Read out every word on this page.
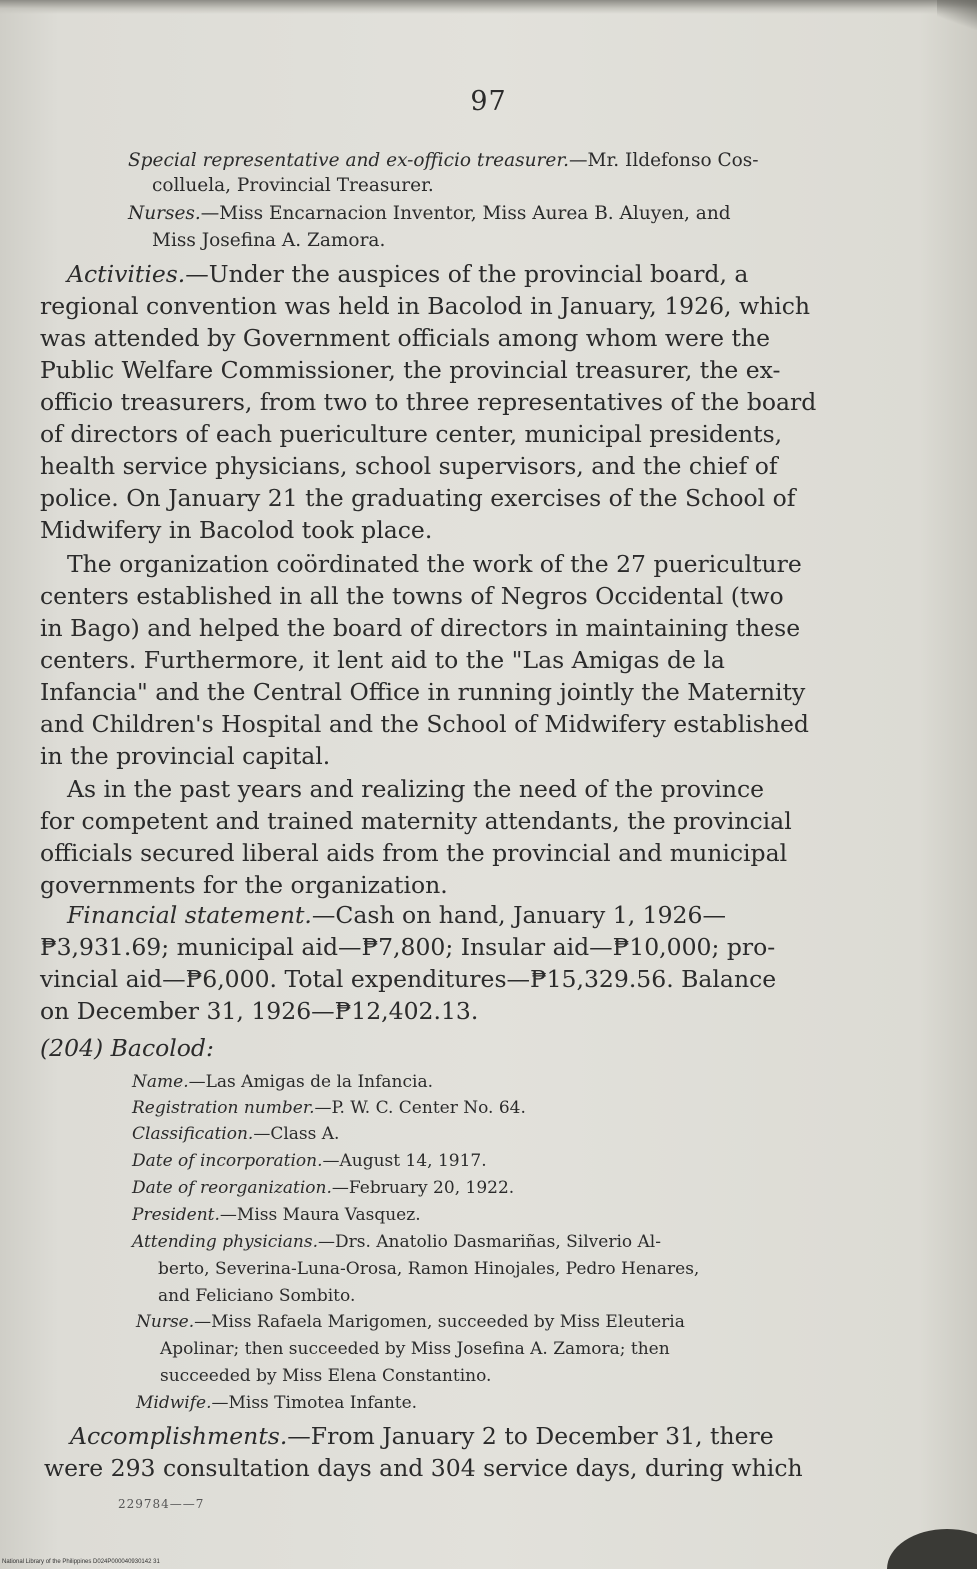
97
Special representative and ex-officio treasurer.—Mr. Ildefonso Cos-
colluela, Provincial Treasurer.
Nurses.—Miss Encarnacion Inventor, Miss Aurea B. Aluyen, and
Miss Josefina A. Zamora.
Activities.—Under the auspices of the provincial board, a
regional convention was held in Bacolod in January, 1926, which
was attended by Government officials among whom were the
Public Welfare Commissioner, the provincial treasurer, the ex-
officio treasurers, from two to three representatives of the board
of directors of each puericulture center, municipal presidents,
health service physicians, school supervisors, and the chief of
police. On January 21 the graduating exercises of the School of
Midwifery in Bacolod took place.
The organization coördinated the work of the 27 puericulture
centers established in all the towns of Negros Occidental (two
in Bago) and helped the board of directors in maintaining these
centers. Furthermore, it lent aid to the "Las Amigas de la
Infancia" and the Central Office in running jointly the Maternity
and Children's Hospital and the School of Midwifery established
in the provincial capital.
As in the past years and realizing the need of the province
for competent and trained maternity attendants, the provincial
officials secured liberal aids from the provincial and municipal
governments for the organization.
Financial statement.—Cash on hand, January 1, 1926—
₱3,931.69; municipal aid—₱7,800; Insular aid—₱10,000; pro-
vincial aid—₱6,000. Total expenditures—₱15,329.56. Balance
on December 31, 1926—₱12,402.13.
(204) Bacolod:
Name.—Las Amigas de la Infancia.
Registration number.—P. W. C. Center No. 64.
Classification.—Class A.
Date of incorporation.—August 14, 1917.
Date of reorganization.—February 20, 1922.
President.—Miss Maura Vasquez.
Attending physicians.—Drs. Anatolio Dasmariñas, Silverio Al-
berto, Severina-Luna-Orosa, Ramon Hinojales, Pedro Henares,
and Feliciano Sombito.
Nurse.—Miss Rafaela Marigomen, succeeded by Miss Eleuteria
Apolinar; then succeeded by Miss Josefina A. Zamora; then
succeeded by Miss Elena Constantino.
Midwife.—Miss Timotea Infante.
Accomplishments.—From January 2 to December 31, there
were 293 consultation days and 304 service days, during which
229784——7
National Library of the Philippines D024P000040930142 31
